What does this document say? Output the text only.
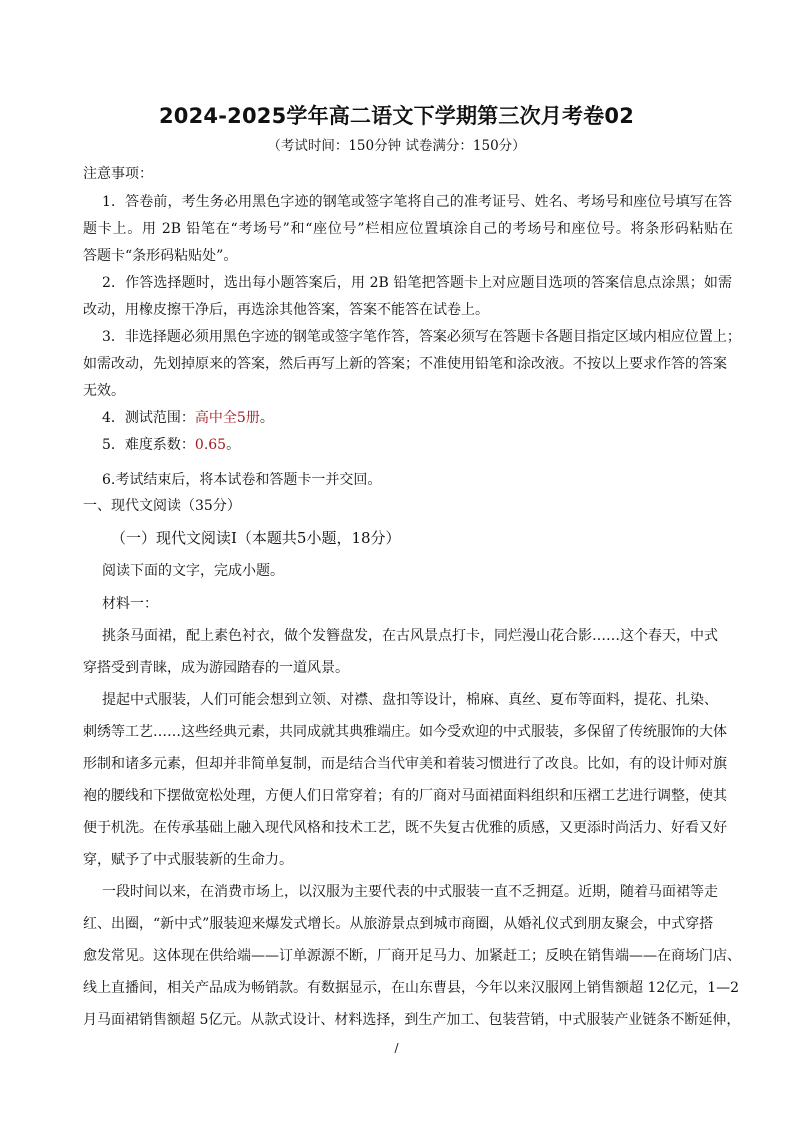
2024-2025学年高二语文下学期第三次月考卷02
（考试时间：150分钟 试卷满分：150分）
注意事项：
1．答卷前，考生务必用黑色字迹的钢笔或签字笔将自己的准考证号、姓名、考场号和座位号填写在答
题卡上。用 2B 铅笔在“考场号”和“座位号”栏相应位置填涂自己的考场号和座位号。将条形码粘贴在
答题卡“条形码粘贴处”。
2．作答选择题时，选出每小题答案后，用 2B 铅笔把答题卡上对应题目选项的答案信息点涂黑；如需
改动，用橡皮擦干净后，再选涂其他答案，答案不能答在试卷上。
3．非选择题必须用黑色字迹的钢笔或签字笔作答，答案必须写在答题卡各题目指定区域内相应位置上；
如需改动，先划掉原来的答案，然后再写上新的答案；不准使用铅笔和涂改液。不按以上要求作答的答案
无效。
4．测试范围：高中全5册。
5．难度系数：0.65。
6.考试结束后，将本试卷和答题卡一并交回。
一、现代文阅读（35分）
（一）现代文阅读Ⅰ（本题共5小题，18分）
阅读下面的文字，完成小题。
材料一：
挑条马面裙，配上素色衬衣，做个发簪盘发，在古风景点打卡，同烂漫山花合影……这个春天，中式
穿搭受到青睐，成为游园踏春的一道风景。
提起中式服装，人们可能会想到立领、对襟、盘扣等设计，棉麻、真丝、夏布等面料，提花、扎染、
刺绣等工艺……这些经典元素，共同成就其典雅端庄。如今受欢迎的中式服装，多保留了传统服饰的大体
形制和诸多元素，但却并非简单复制，而是结合当代审美和着装习惯进行了改良。比如，有的设计师对旗
袍的腰线和下摆做宽松处理，方便人们日常穿着；有的厂商对马面裙面料组织和压褶工艺进行调整，使其
便于机洗。在传承基础上融入现代风格和技术工艺，既不失复古优雅的质感，又更添时尚活力、好看又好
穿，赋予了中式服装新的生命力。
一段时间以来，在消费市场上，以汉服为主要代表的中式服装一直不乏拥趸。近期，随着马面裙等走
红、出圈，“新中式”服装迎来爆发式增长。从旅游景点到城市商圈，从婚礼仪式到朋友聚会，中式穿搭
愈发常见。这体现在供给端——订单源源不断，厂商开足马力、加紧赶工；反映在销售端——在商场门店、
线上直播间，相关产品成为畅销款。有数据显示，在山东曹县，今年以来汉服网上销售额超 12亿元，1—2
月马面裙销售额超 5亿元。从款式设计、材料选择，到生产加工、包装营销，中式服装产业链条不断延伸，
/
